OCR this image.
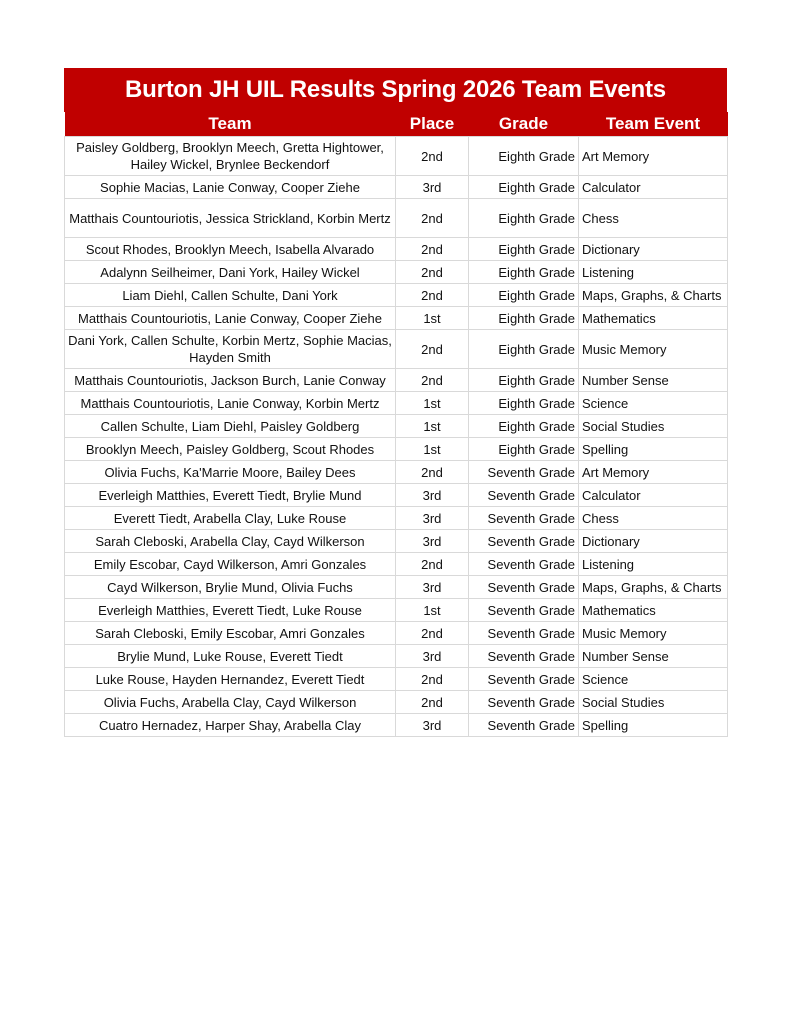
Burton JH UIL Results Spring 2026 Team Events
Team	Place	Grade	Team Event
Paisley Goldberg, Brooklyn Meech, Gretta Hightower, Hailey Wickel, Brynlee Beckendorf	2nd	Eighth Grade	Art Memory
Sophie Macias, Lanie Conway, Cooper Ziehe	3rd	Eighth Grade	Calculator
Matthais Countouriotis, Jessica Strickland, Korbin Mertz	2nd	Eighth Grade	Chess
Scout Rhodes, Brooklyn Meech, Isabella Alvarado	2nd	Eighth Grade	Dictionary
Adalynn Seilheimer, Dani York, Hailey Wickel	2nd	Eighth Grade	Listening
Liam Diehl, Callen Schulte, Dani York	2nd	Eighth Grade	Maps, Graphs, & Charts
Matthais Countouriotis, Lanie Conway, Cooper Ziehe	1st	Eighth Grade	Mathematics
Dani York, Callen Schulte, Korbin Mertz, Sophie Macias, Hayden Smith	2nd	Eighth Grade	Music Memory
Matthais Countouriotis, Jackson Burch, Lanie Conway	2nd	Eighth Grade	Number Sense
Matthais Countouriotis, Lanie Conway, Korbin Mertz	1st	Eighth Grade	Science
Callen Schulte, Liam Diehl, Paisley Goldberg	1st	Eighth Grade	Social Studies
Brooklyn Meech, Paisley Goldberg, Scout Rhodes	1st	Eighth Grade	Spelling
Olivia Fuchs, Ka'Marrie Moore, Bailey Dees	2nd	Seventh Grade	Art Memory
Everleigh Matthies, Everett Tiedt, Brylie Mund	3rd	Seventh Grade	Calculator
Everett Tiedt, Arabella Clay, Luke Rouse	3rd	Seventh Grade	Chess
Sarah Cleboski, Arabella Clay, Cayd Wilkerson	3rd	Seventh Grade	Dictionary
Emily Escobar, Cayd Wilkerson, Amri Gonzales	2nd	Seventh Grade	Listening
Cayd Wilkerson, Brylie Mund, Olivia Fuchs	3rd	Seventh Grade	Maps, Graphs, & Charts
Everleigh Matthies, Everett Tiedt, Luke Rouse	1st	Seventh Grade	Mathematics
Sarah Cleboski, Emily Escobar, Amri Gonzales	2nd	Seventh Grade	Music Memory
Brylie Mund, Luke Rouse, Everett Tiedt	3rd	Seventh Grade	Number Sense
Luke Rouse, Hayden Hernandez, Everett Tiedt	2nd	Seventh Grade	Science
Olivia Fuchs, Arabella Clay, Cayd Wilkerson	2nd	Seventh Grade	Social Studies
Cuatro Hernadez, Harper Shay, Arabella Clay	3rd	Seventh Grade	Spelling
